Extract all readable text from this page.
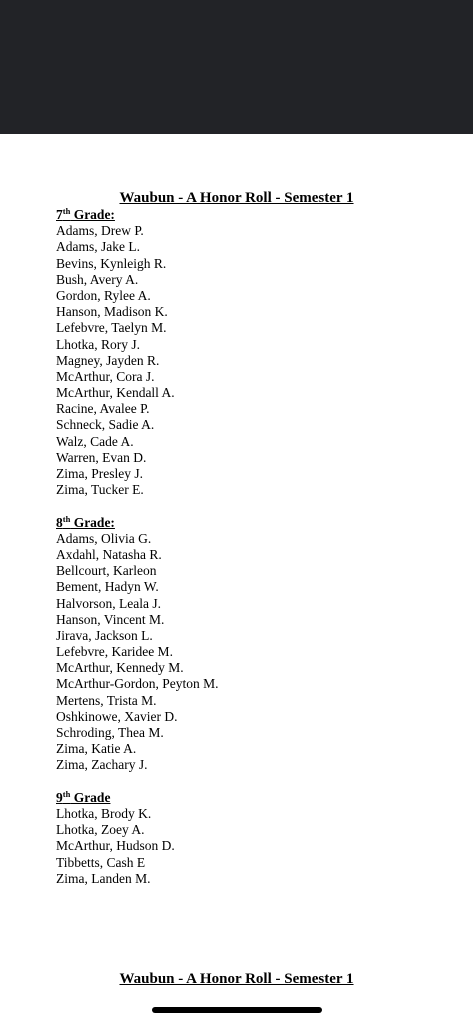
Waubun - A Honor Roll - Semester 1
7th Grade:
Adams, Drew P.
Adams, Jake L.
Bevins, Kynleigh R.
Bush, Avery A.
Gordon, Rylee A.
Hanson, Madison K.
Lefebvre, Taelyn M.
Lhotka, Rory J.
Magney, Jayden R.
McArthur, Cora J.
McArthur, Kendall A.
Racine, Avalee P.
Schneck, Sadie A.
Walz, Cade A.
Warren, Evan D.
Zima, Presley J.
Zima, Tucker E.
8th Grade:
Adams, Olivia G.
Axdahl, Natasha R.
Bellcourt, Karleon
Bement, Hadyn W.
Halvorson, Leala J.
Hanson, Vincent M.
Jirava, Jackson L.
Lefebvre, Karidee M.
McArthur, Kennedy M.
McArthur-Gordon, Peyton M.
Mertens, Trista M.
Oshkinowe, Xavier D.
Schroding, Thea M.
Zima, Katie A.
Zima, Zachary J.
9th Grade
Lhotka, Brody K.
Lhotka, Zoey A.
McArthur, Hudson D.
Tibbetts, Cash E
Zima, Landen M.
Waubun - A Honor Roll - Semester 1
